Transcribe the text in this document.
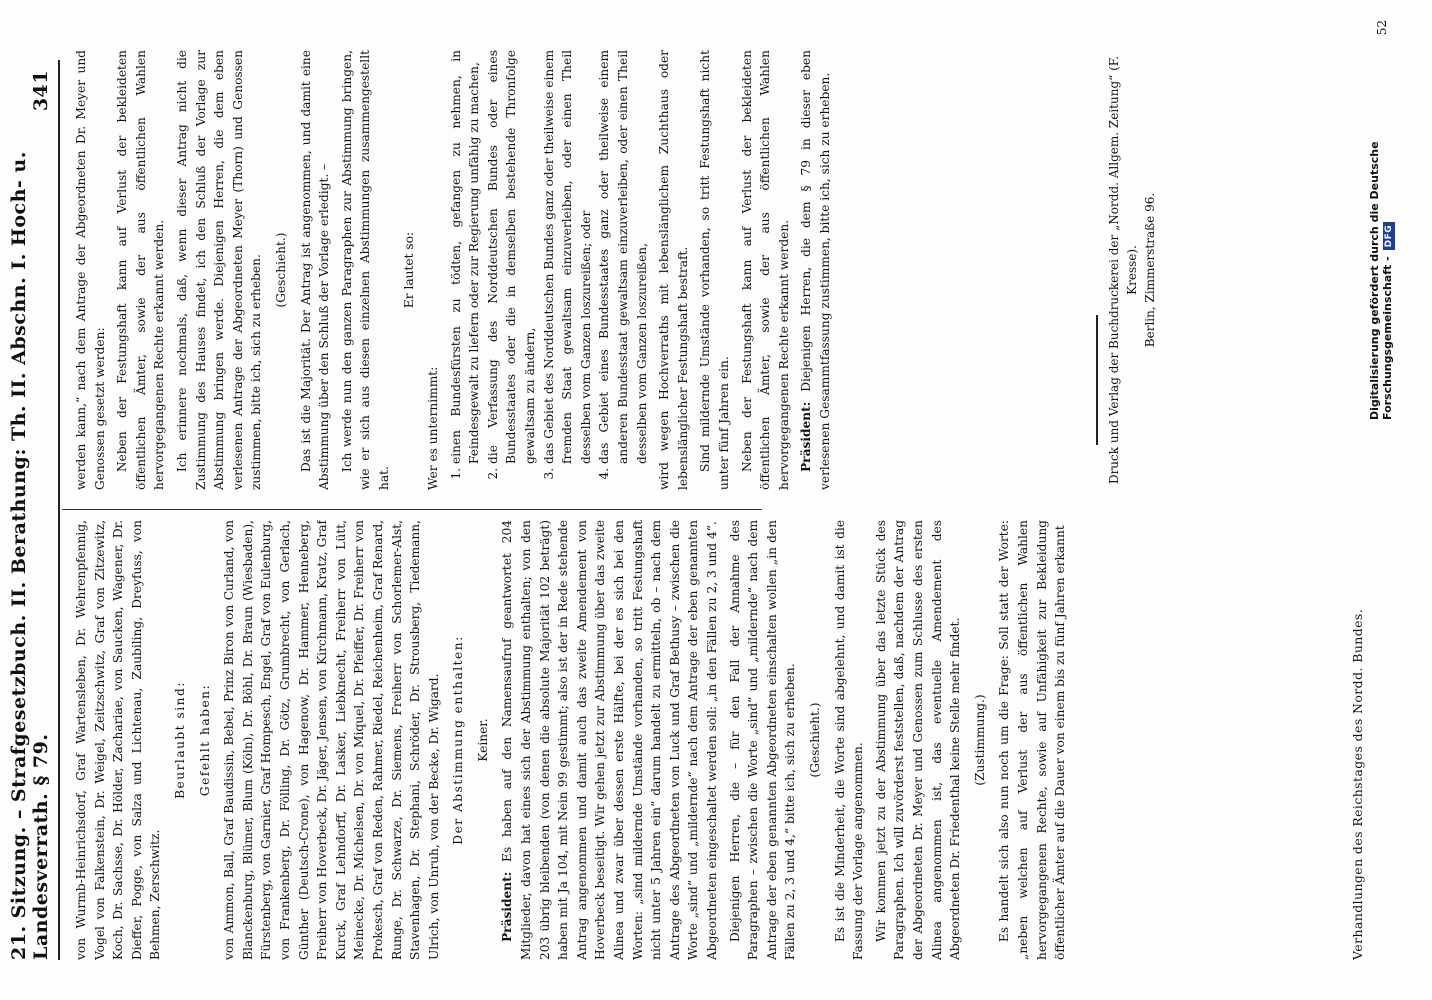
21. Sitzung. – Strafgesetzbuch. II. Berathung: Th. II. Abschn. I. Hoch- u. Landesverrath. § 79.
341

von Wurmb-Heinrichsdorf, Graf Wartensleben, Dr. Wehrenpfennig, Vogel von Falkenstein, Dr. Weigel, Zeitzschwitz, Graf von Zitzewitz, Koch, Dr. Sachsse, Dr. Hölder, Zachariae, von Saucken, Wagener, Dr. Dieffer, Pogge, von Salza und Lichtenau, Zaubiling, Dreyfuss, von Behmen, Zerschwitz.

Beurlaubt sind: Gefehlt haben: von Ammon, Ball, Graf Baudissin, Bebel, Prinz Biron von Curland, von Blanckenburg, Blümer, Blum (Köln), Dr. Böhl, Dr. Braun (Wiesbaden), Fürstenberg, von Garnier, Graf Hompesch, Engel, Graf von Eulenburg, von Frankenberg, Dr. Fölling, Dr. Götz, Grumbrecht, von Gerlach, Günther (Deutsch-Crone), von Hagenow, Dr. Hammer, Henneberg, Freiherr von Hoverbeck, Dr. Jäger, Jensen, von Kirchmann, Kratz, Graf Kurck, Graf Lehndorff, Dr. Lasker, Liebknecht, Freiherr von Lütt, Meinecke, Dr. Michelsen, Dr. von Miquel, Dr. Pfeiffer, Dr. Freiherr von Prokesch, Graf von Reden, Rahmer, Riedel, Reichenheim, Graf Renard, Runge, Dr. Schwarze, Dr. Siemens, Freiherr von Schorlemer-Alst, Stavenhagen, Dr. Stephani, Schröder, Dr. Strousberg, Tiedemann, Ulrich, von Unruh, von der Becke, Dr. Wigard. Der Abstimmung enthalten: Keiner.

Präsident: Es haben auf den Namensaufruf geantwortet 204 Mitglieder, davon hat eines sich der Abstimmung enthalten; von den 203 übrig bleibenden (von denen die absolute Majorität 102 beträgt) haben mit Ja 104, mit Nein 99 gestimmt; also ist der in Rede stehende Antrag angenommen und damit auch das zweite Amendement von Hoverbeck beseitigt. Wir gehen jetzt zur Abstimmung über das zweite Alinea und zwar über dessen erste Hälfte, bei der es sich bei den Worten: „sind mildernde Umstände vorhanden, so tritt Festungshaft nicht unter 5 Jahren ein“ darum handelt zu ermitteln, ob – nach dem Antrage des Abgeordneten von Luck und Graf Bethusy – zwischen die Worte „sind“ und „mildernde“ nach dem Antrage der eben genannten Abgeordneten eingeschaltet werden soll: „in den Fällen zu 2, 3 und 4“. Diejenigen Herren, die – für den Fall der Annahme des Paragraphen – zwischen die Worte „sind“ und „mildernde“ nach dem Antrage der eben genannten Abgeordneten einschalten wollen „in den Fällen zu 2, 3 und 4,“ bitte ich, sich zu erheben. (Geschieht.) Es ist die Minderheit, die Worte sind abgelehnt, und damit ist die Fassung der Vorlage angenommen. Wir kommen jetzt zu der Abstimmung über das letzte Stück des Paragraphen. Ich will zuvörderst feststellen, daß, nachdem der Antrag der Abgeordneten Dr. Meyer und Genossen zum Schlusse des ersten Alinea angenommen ist, das eventuelle Amendement des Abgeordneten Dr. Friedenthal keine Stelle mehr findet. (Zustimmung.) Es handelt sich also nun noch um die Frage: Soll statt der Worte: „neben welchen auf Verlust der aus öffentlichen Wahlen hervorgegangenen Rechte, sowie auf Unfähigkeit zur Bekleidung öffentlicher Ämter auf die Dauer von einem bis zu fünf Jahren erkannt

werden kann,“ nach dem Antrage der Abgeordneten Dr. Meyer und Genossen gesetzt werden: Neben der Festungshaft kann auf Verlust der bekleideten öffentlichen Ämter, sowie der aus öffentlichen Wahlen hervorgegangenen Rechte erkannt werden. Ich erinnere nochmals, daß, wenn dieser Antrag nicht die Zustimmung des Hauses findet, ich den Schluß der Vorlage zur Abstimmung bringen werde. Diejenigen Herren, die dem eben verlesenen Antrage der Abgeordneten Meyer (Thorn) und Genossen zustimmen, bitte ich, sich zu erheben. (Geschieht.) Das ist die Majorität. Der Antrag ist angenommen, und damit eine Abstimmung über den Schluß der Vorlage erledigt. – Ich werde nun den ganzen Paragraphen zur Abstimmung bringen, wie er sich aus diesen einzelnen Abstimmungen zusammengestellt hat.

Er lautet so:

Wer es unternimmt: 1. einen Bundesfürsten zu tödten, gefangen zu nehmen, in Feindesgewalt zu liefern oder zur Regierung unfähig zu machen, 2. die Verfassung des Norddeutschen Bundes oder eines Bundesstaates oder die in demselben bestehende Thronfolge gewaltsam zu ändern, 3. das Gebiet des Norddeutschen Bundes ganz oder theilweise einem fremden Staat gewaltsam einzuverleiben, oder einen Theil desselben vom Ganzen loszureißen; oder 4. das Gebiet eines Bundesstaates ganz oder theilweise einem anderen Bundesstaat gewaltsam einzuverleiben, oder einen Theil desselben vom Ganzen loszureißen, wird wegen Hochverraths mit lebenslänglichem Zuchthaus oder lebenslänglicher Festungshaft bestraft. Sind mildernde Umstände vorhanden, so tritt Festungshaft nicht unter fünf Jahren ein. Neben der Festungshaft kann auf Verlust der bekleideten öffentlichen Ämter, sowie der aus öffentlichen Wahlen hervorgegangenen Rechte erkannt werden. Präsident: Diejenigen Herren, die dem § 79 in dieser eben verlesenen Gesammtfassung zustimmen, bitte ich, sich zu erheben.	Druck und Verlag der Buchdruckerei der „Nordd. Allgem. Zeitung“ (F. Kresse). Berlin, Zimmerstraße 96.
Verhandlungen des Reichstages des Nordd. Bundes.
Digitalisierung gefördert durch die Deutsche Forschungsgemeinschaft -DFG
52
